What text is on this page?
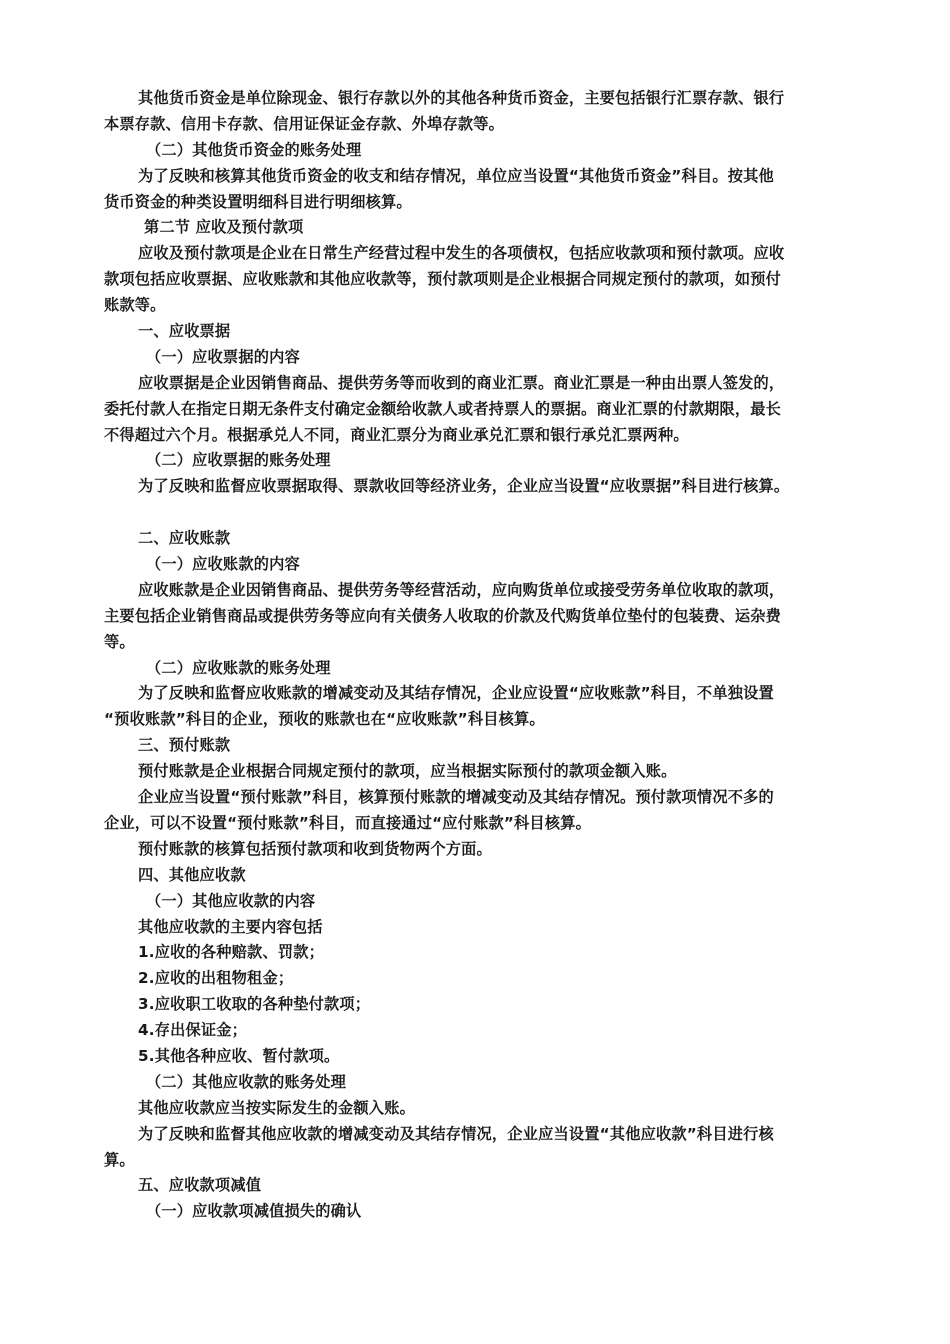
其他货币资金是单位除现金、银行存款以外的其他各种货币资金，主要包括银行汇票存款、银行
本票存款、信用卡存款、信用证保证金存款、外埠存款等。
（二）其他货币资金的账务处理
为了反映和核算其他货币资金的收支和结存情况，单位应当设置“其他货币资金”科目。按其他
货币资金的种类设置明细科目进行明细核算。
第二节 应收及预付款项
应收及预付款项是企业在日常生产经营过程中发生的各项债权，包括应收款项和预付款项。应收
款项包括应收票据、应收账款和其他应收款等，预付款项则是企业根据合同规定预付的款项，如预付
账款等。
一、应收票据
（一）应收票据的内容
应收票据是企业因销售商品、提供劳务等而收到的商业汇票。商业汇票是一种由出票人签发的，
委托付款人在指定日期无条件支付确定金额给收款人或者持票人的票据。商业汇票的付款期限，最长
不得超过六个月。根据承兑人不同，商业汇票分为商业承兑汇票和银行承兑汇票两种。
（二）应收票据的账务处理
为了反映和监督应收票据取得、票款收回等经济业务，企业应当设置“应收票据”科目进行核算。
二、应收账款
（一）应收账款的内容
应收账款是企业因销售商品、提供劳务等经营活动，应向购货单位或接受劳务单位收取的款项，
主要包括企业销售商品或提供劳务等应向有关债务人收取的价款及代购货单位垫付的包装费、运杂费
等。
（二）应收账款的账务处理
为了反映和监督应收账款的增减变动及其结存情况，企业应设置“应收账款”科目，不单独设置
“预收账款”科目的企业，预收的账款也在“应收账款”科目核算。
三、预付账款
预付账款是企业根据合同规定预付的款项，应当根据实际预付的款项金额入账。
企业应当设置“预付账款”科目，核算预付账款的增减变动及其结存情况。预付款项情况不多的
企业，可以不设置“预付账款”科目，而直接通过“应付账款”科目核算。
预付账款的核算包括预付款项和收到货物两个方面。
四、其他应收款
（一）其他应收款的内容
其他应收款的主要内容包括
1.应收的各种赔款、罚款；
2.应收的出租物租金；
3.应收职工收取的各种垫付款项；
4.存出保证金；
5.其他各种应收、暂付款项。
（二）其他应收款的账务处理
其他应收款应当按实际发生的金额入账。
为了反映和监督其他应收款的增减变动及其结存情况，企业应当设置“其他应收款”科目进行核
算。
五、应收款项减值
（一）应收款项减值损失的确认
